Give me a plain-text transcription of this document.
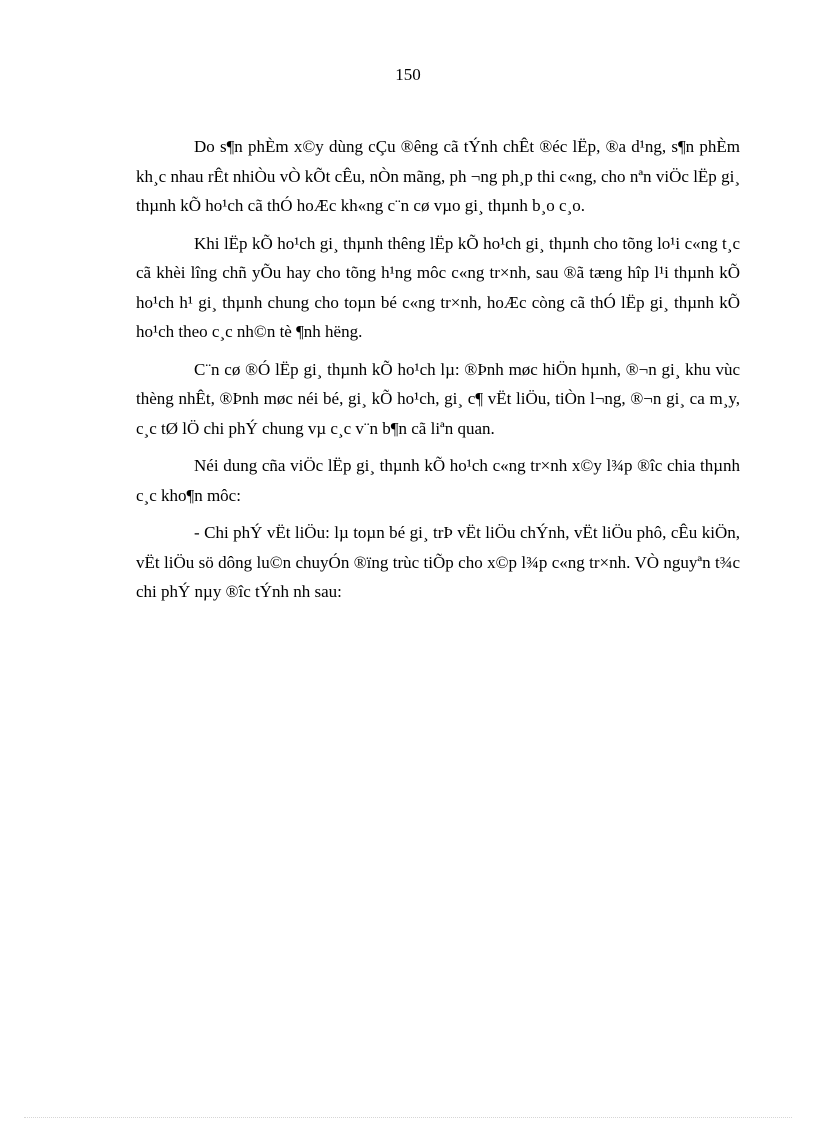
150

Do s¶n phÈm x©y dùng cÇu ®êng cã tÝnh chÊt ®éc lËp, ®a d¹ng, s¶n phÈm kh¸c nhau rÊt nhiÒu vÒ kÕt cÊu, nÒn mãng, ph ¬ng ph¸p thi c«ng, cho nªn viÖc lËp gi¸ thµnh kÕ ho¹ch cã thÓ hoÆc kh«ng c¨n cø vµo gi¸ thµnh b¸o c¸o.

Khi lËp kÕ ho¹ch gi¸ thµnh thêng lËp kÕ ho¹ch gi¸ thµnh cho tõng lo¹i c«ng t¸c cã khèi lîng chñ yÕu hay cho tõng h¹ng môc c«ng tr×nh, sau ®ã tæng hîp l¹i thµnh kÕ ho¹ch h¹ gi¸ thµnh chung cho toµn bé c«ng tr×nh, hoÆc còng cã thÓ lËp gi¸ thµnh kÕ ho¹ch theo c¸c nh©n tè ¶nh hëng.

C¨n cø ®Ó lËp gi¸ thµnh kÕ ho¹ch lµ: ®Þnh møc hiÖn hµnh, ®¬n gi¸ khu vùc thèng nhÊt, ®Þnh møc néi bé, gi¸ kÕ ho¹ch, gi¸ c¶ vËt liÖu, tiÒn l¬ng, ®¬n gi¸ ca m¸y, c¸c tØ lÖ chi phÝ chung vµ c¸c v¨n b¶n cã liªn quan.

Néi dung cña viÖc lËp gi¸ thµnh kÕ ho¹ch c«ng tr×nh x©y l¾p ®îc chia thµnh c¸c kho¶n môc:

- Chi phÝ vËt liÖu: lµ toµn bé gi¸ trÞ vËt liÖu chÝnh, vËt liÖu phô, cÊu kiÖn, vËt liÖu sö dông lu©n chuyÓn ®ïng trùc tiÕp cho x©p l¾p c«ng tr×nh. VÒ nguyªn t¾c chi phÝ nµy ®îc tÝnh nh sau:
